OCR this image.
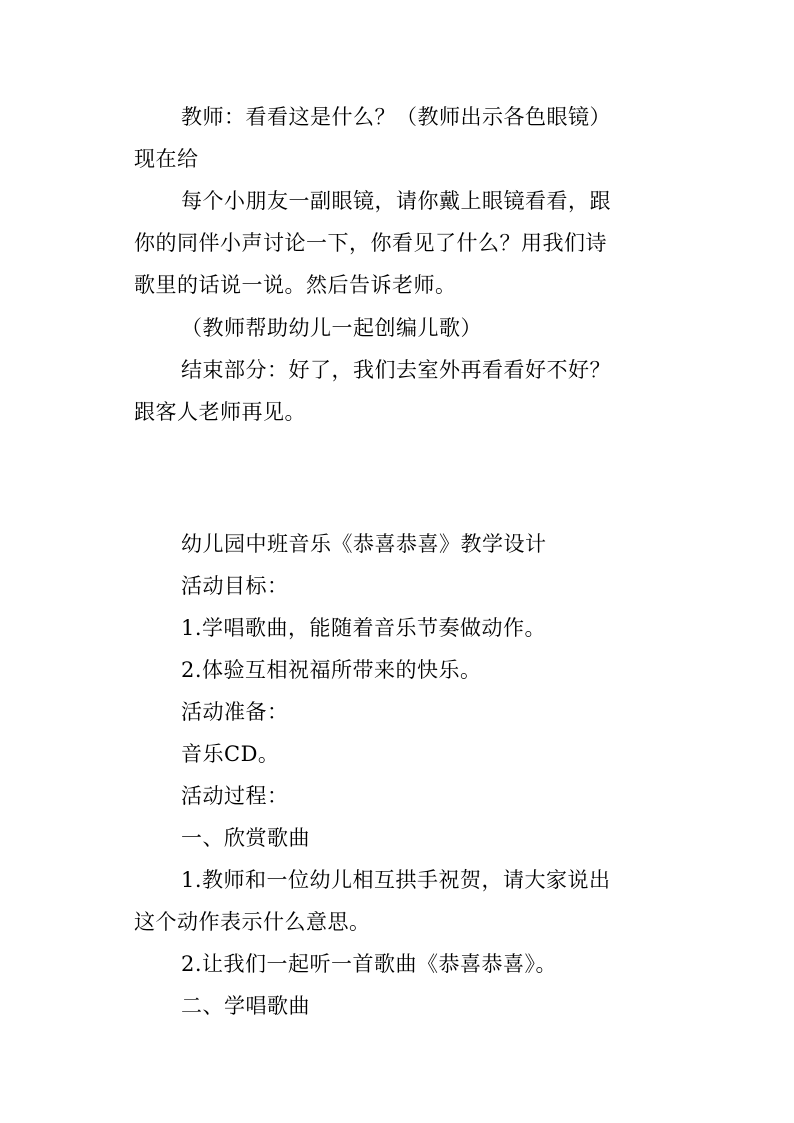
教师：看看这是什么？（教师出示各色眼镜）
现在给
每个小朋友一副眼镜，请你戴上眼镜看看，跟
你的同伴小声讨论一下，你看见了什么？用我们诗
歌里的话说一说。然后告诉老师。
（教师帮助幼儿一起创编儿歌）
结束部分：好了，我们去室外再看看好不好？
跟客人老师再见。
幼儿园中班音乐《恭喜恭喜》教学设计
活动目标：
1.学唱歌曲，能随着音乐节奏做动作。
2.体验互相祝福所带来的快乐。
活动准备：
音乐CD。
活动过程：
一、欣赏歌曲
1.教师和一位幼儿相互拱手祝贺，请大家说出
这个动作表示什么意思。
2.让我们一起听一首歌曲《恭喜恭喜》。
二、学唱歌曲
